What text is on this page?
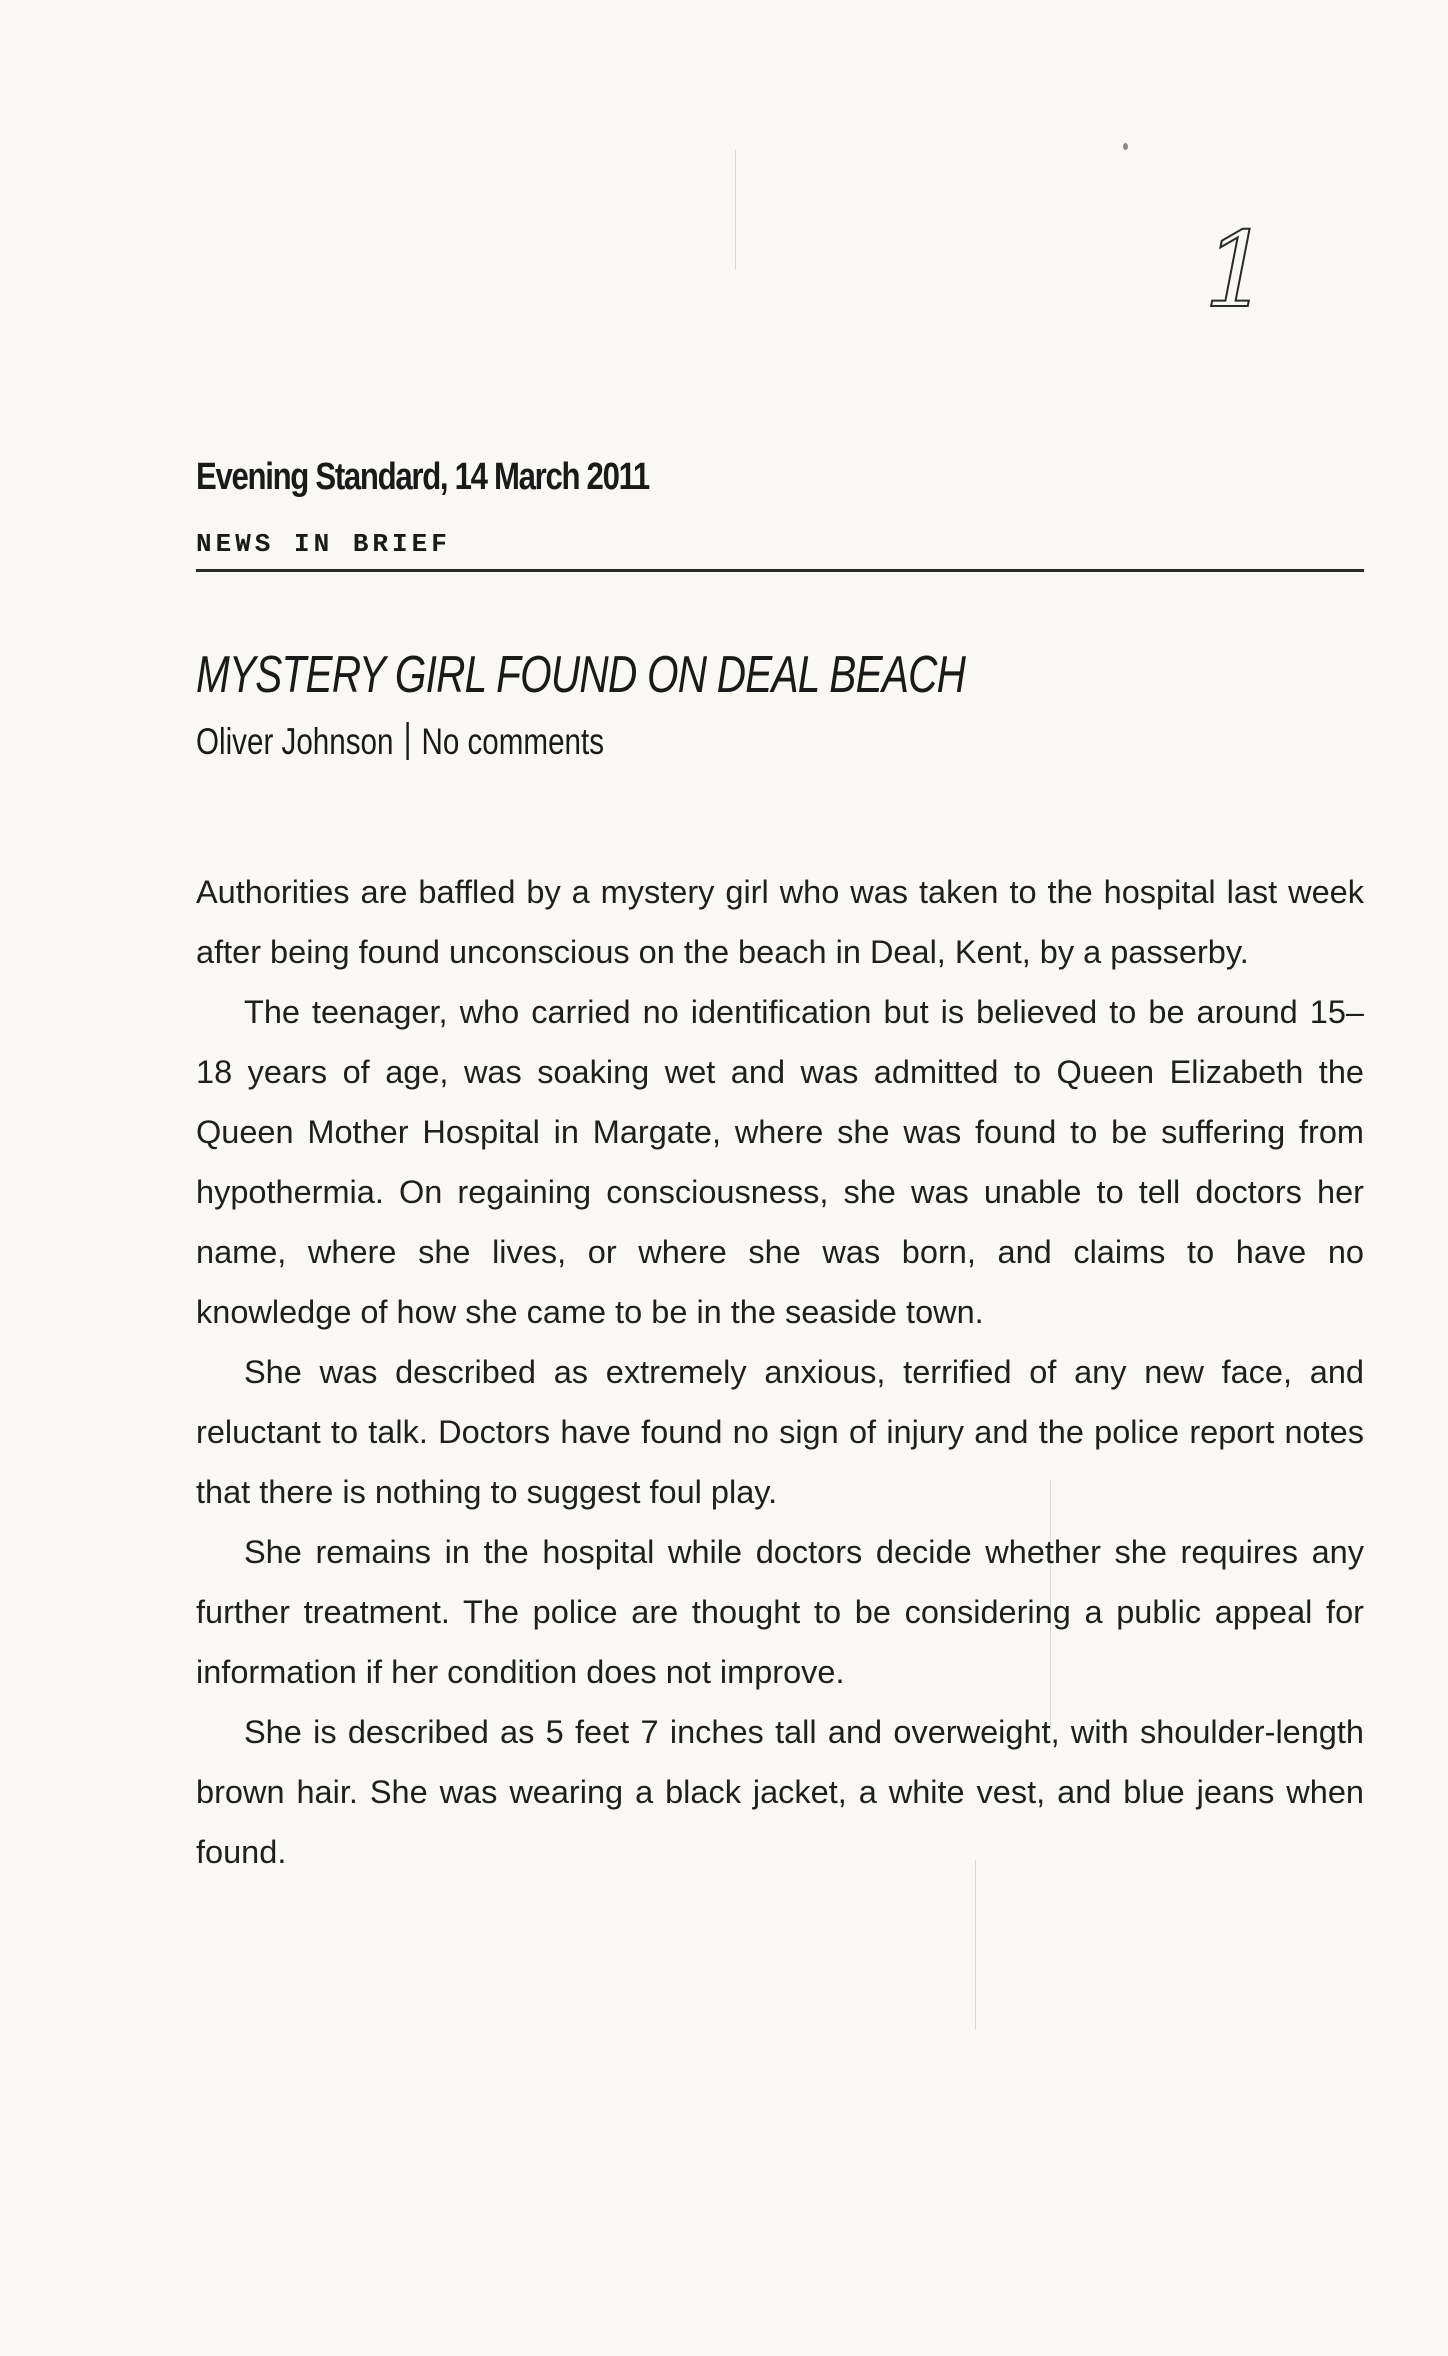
1
Evening Standard, 14 March 2011
NEWS IN BRIEF
MYSTERY GIRL FOUND ON DEAL BEACH
Oliver Johnson No comments

Authorities are baffled by a mystery girl who was taken to the hospital last week after being found unconscious on the beach in Deal, Kent, by a passerby.

The teenager, who carried no identification but is believed to be around 15–18 years of age, was soaking wet and was admitted to Queen Elizabeth the Queen Mother Hospital in Margate, where she was found to be suffering from hypothermia. On regaining consciousness, she was unable to tell doctors her name, where she lives, or where she was born, and claims to have no knowledge of how she came to be in the seaside town.

She was described as extremely anxious, terrified of any new face, and reluctant to talk. Doctors have found no sign of injury and the police report notes that there is nothing to suggest foul play.

She remains in the hospital while doctors decide whether she requires any further treatment. The police are thought to be considering a public appeal for information if her condition does not improve.

She is described as 5 feet 7 inches tall and overweight, with shoulder-length brown hair. She was wearing a black jacket, a white vest, and blue jeans when found.
